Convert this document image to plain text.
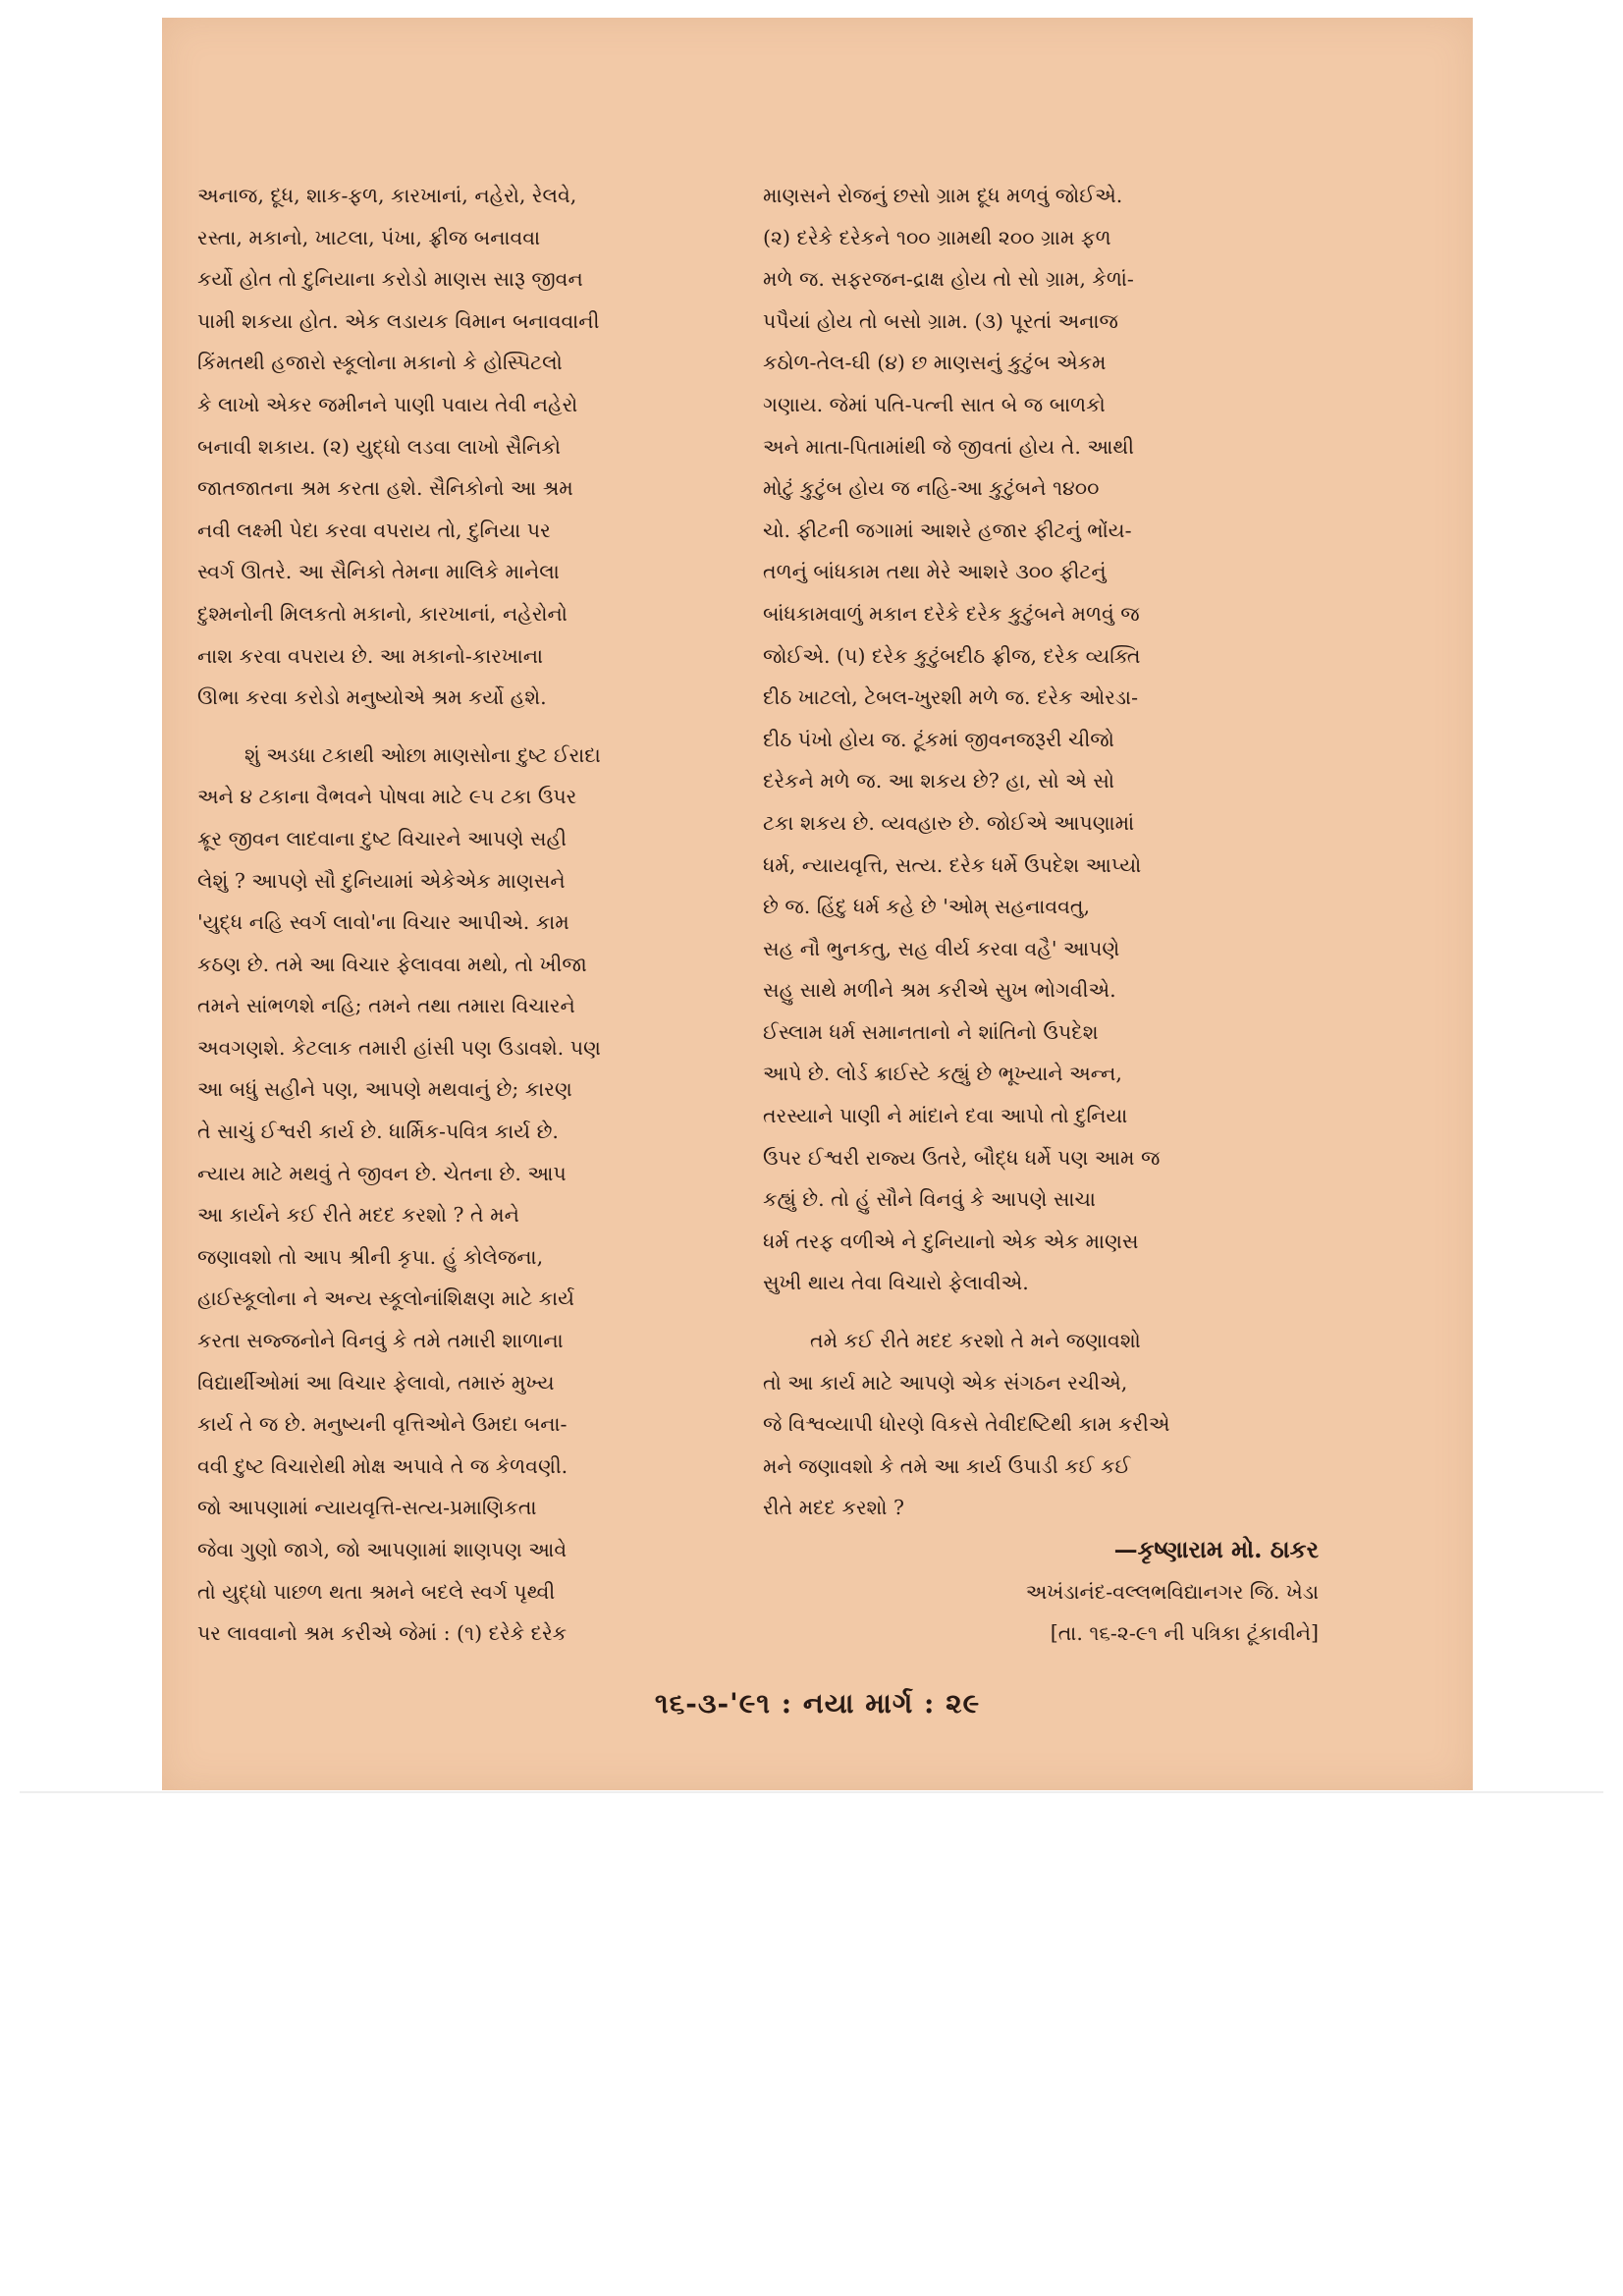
અનાજ, દૂધ, શાક-ફળ, કારખાનાં, નહેરો, રેલવે,
રસ્તા, મકાનો, ખાટલા, પંખા, ફ્રીજ બનાવવા
કર્યો હોત તો દુનિયાના કરોડો માણસ સારૂ જીવન
પામી શકયા હોત. એક લડાયક વિમાન બનાવવાની
કિંમતથી હજારો સ્કૂલોના મકાનો કે હોસ્પિટલો
કે લાખો એકર જમીનને પાણી પવાય તેવી નહેરો
બનાવી શકાય. (૨) યુદ્ધો લડવા લાખો સૈનિકો
જાતજાતના શ્રમ કરતા હશે. સૈનિકોનો આ શ્રમ
નવી લક્ષ્મી પેદા કરવા વપરાય તો, દુનિયા પર
સ્વર્ગ ઊતરે. આ સૈનિકો તેમના માલિકે માનેલા
દુશ્મનોની મિલકતો મકાનો, કારખાનાં, નહેરોનો
નાશ કરવા વપરાય છે. આ મકાનો-કારખાના
ઊભા કરવા કરોડો મનુષ્યોએ શ્રમ કર્યો હશે.
શું અડધા ટકાથી ઓછા માણસોના દુષ્ટ ઈરાદા
અને ૪ ટકાના વૈભવને પોષવા માટે ૯૫ ટકા ઉપર
ક્રૂર જીવન લાદવાના દુષ્ટ વિચારને આપણે સહી
લેશું ? આપણે સૌ દુનિયામાં એકેએક માણસને
'યુદ્ધ નહિ સ્વર્ગ લાવો'ના વિચાર આપીએ. કામ
કઠણ છે. તમે આ વિચાર ફેલાવવા મથો, તો ખીજા
તમને સાંભળશે નહિ; તમને તથા તમારા વિચારને
અવગણશે. કેટલાક તમારી હાંસી પણ ઉડાવશે. પણ
આ બધું સહીને પણ, આપણે મથવાનું છે; કારણ
તે સાચું ઈશ્વરી કાર્ય છે. ધાર્મિક-પવિત્ર કાર્ય છે.
ન્યાય માટે મથવું તે જીવન છે. ચેતના છે. આપ
આ કાર્યને કઈ રીતે મદદ કરશો ? તે મને
જણાવશો તો આપ શ્રીની કૃપા. હું કોલેજના,
હાઈસ્કૂલોના ને અન્ય સ્કૂલોનાંશિક્ષણ માટે કાર્ય
કરતા સજ્જનોને વિનવું કે તમે તમારી શાળાના
વિદ્યાર્થીઓમાં આ વિચાર ફેલાવો, તમારું મુખ્ય
કાર્ય તે જ છે. મનુષ્યની વૃત્તિઓને ઉમદા બના-
વવી દુષ્ટ વિચારોથી મોક્ષ અપાવે તે જ કેળવણી.
જો આપણામાં ન્યાયવૃત્તિ-સત્ય-પ્રમાણિકતા
જેવા ગુણો જાગે, જો આપણામાં શાણપણ આવે
તો યુદ્ધો પાછળ થતા શ્રમને બદલે સ્વર્ગ પૃથ્વી
પર લાવવાનો શ્રમ કરીએ જેમાં : (૧) દરેકે દરેક
માણસને રોજનું છસો ગ્રામ દૂધ મળવું જોઈએ.
(૨) દરેકે દરેકને ૧૦૦ ગ્રામથી ૨૦૦ ગ્રામ ફળ
મળે જ. સફરજન-દ્રાક્ષ હોય તો સો ગ્રામ, કેળાં-
પપૈયાં હોય તો બસો ગ્રામ. (૩) પૂરતાં અનાજ
કઠોળ-તેલ-ઘી (૪) છ માણસનું કુટુંબ એકમ
ગણાય. જેમાં પતિ-પત્ની સાત બે જ બાળકો
અને માતા-પિતામાંથી જે જીવતાં હોય તે. આથી
મોટું કુટુંબ હોય જ નહિ-આ કુટુંબને ૧૪૦૦
ચો. ફીટની જગામાં આશરે હજાર ફીટનું ભોંય-
તળનું બાંધકામ તથા મેરે આશરે ૩૦૦ ફીટનું
બાંધકામવાળું મકાન દરેકે દરેક કુટુંબને મળવું જ
જોઈએ. (૫) દરેક કુટુંબદીઠ ફ્રીજ, દરેક વ્યક્તિ
દીઠ ખાટલો, ટેબલ-ખુરશી મળે જ. દરેક ઓરડા-
દીઠ પંખો હોય જ. ટૂંકમાં જીવનજરૂરી ચીજો
દરેકને મળે જ. આ શકય છે? હા, સો એ સો
ટકા શકય છે. વ્યવહારુ છે. જોઈએ આપણામાં
ધર્મ, ન્યાયવૃત્તિ, સત્ય. દરેક ધર્મે ઉપદેશ આપ્યો
છે જ. હિંદુ ધર્મ કહે છે 'ઓમ્ સહનાવવતુ,
સહ નૌ ભુનકતુ, સહ વીર્ય કરવા વહૈ' આપણે
સહુ સાથે મળીને શ્રમ કરીએ સુખ ભોગવીએ.
ઈસ્લામ ધર્મ સમાનતાનો ને શાંતિનો ઉપદેશ
આપે છે. લોર્ડ ક્રાઈસ્ટે કહ્યું છે ભૂખ્યાને અન્ન,
તરસ્યાને પાણી ને માંદાને દવા આપો તો દુનિયા
ઉપર ઈશ્વરી રાજ્ય ઉતરે, બૌદ્ધ ધર્મે પણ આમ જ
કહ્યું છે. તો હું સૌને વિનવું કે આપણે સાચા
ધર્મ તરફ વળીએ ને દુનિયાનો એક એક માણસ
સુખી થાય તેવા વિચારો ફેલાવીએ.
તમે કઈ રીતે મદદ કરશો તે મને જણાવશો
તો આ કાર્ય માટે આપણે એક સંગઠન રચીએ,
જે વિશ્વવ્યાપી ધોરણે વિકસે તેવીદષ્ટિથી કામ કરીએ
મને જણાવશો કે તમે આ કાર્ય ઉપાડી કઈ કઈ
રીતે મદદ કરશો ?
—કૃષ્ણારામ મો. ઠાકર
અખંડાનંદ-વલ્લભવિદ્યાનગર જિ. ખેડા
[તા. ૧૬-૨-૯૧ ની પત્રિકા ટૂંકાવીને]
૧૬-૩-'૯૧ : નયા માર્ગ : ૨૯
